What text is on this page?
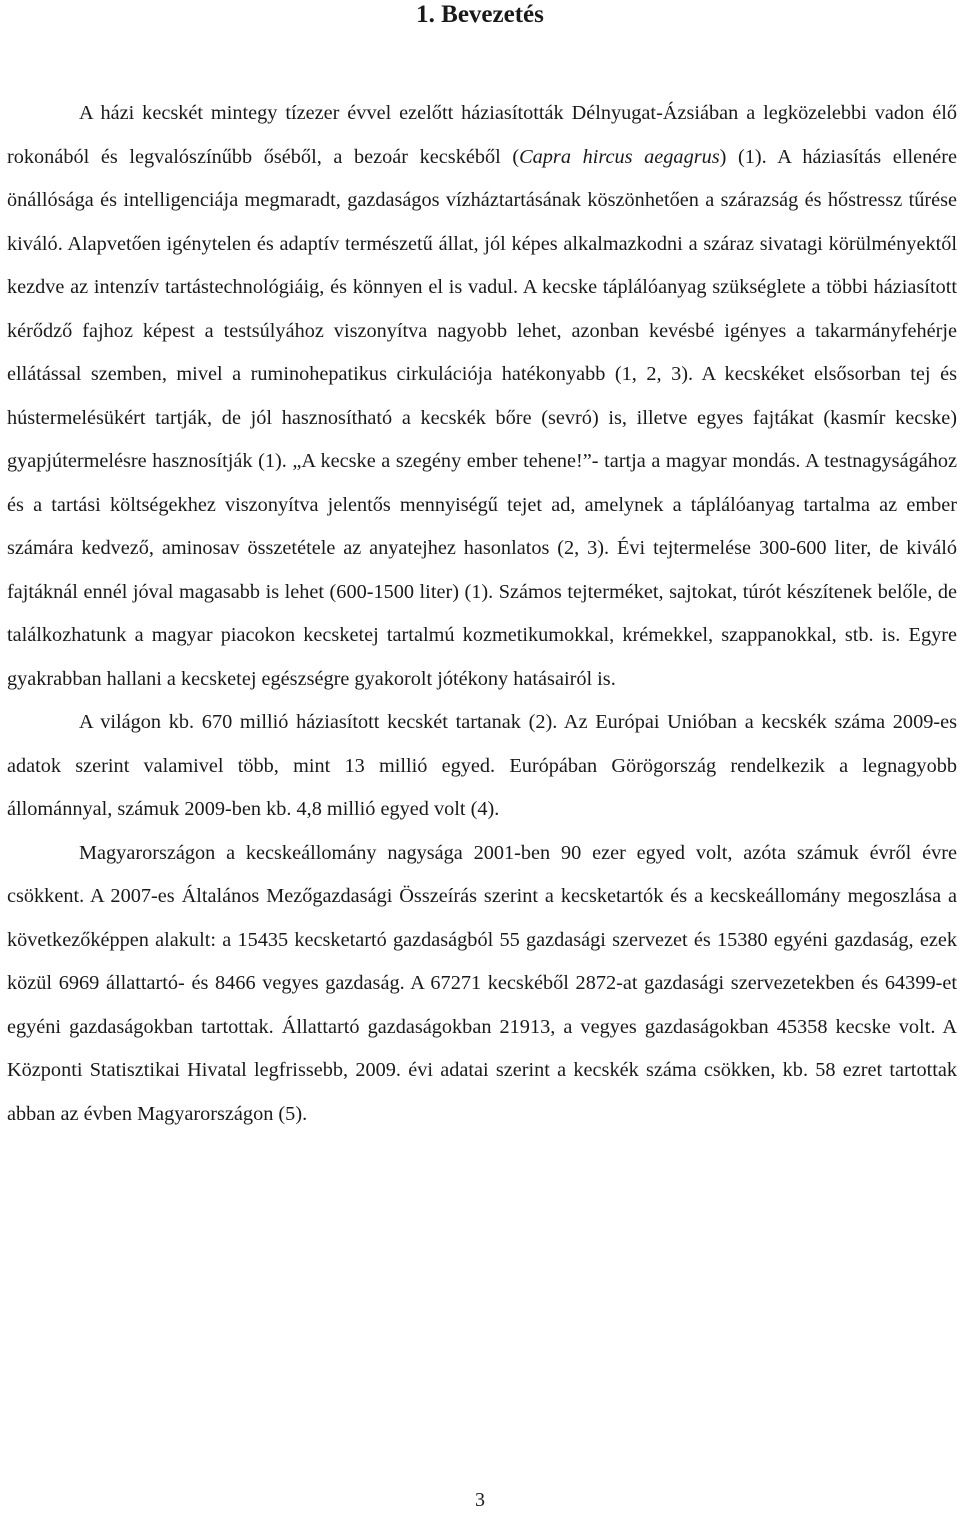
1. Bevezetés

A házi kecskét mintegy tízezer évvel ezelőtt háziasították Délnyugat-Ázsiában a legközelebbi vadon élő rokonából és legvalószínűbb őséből, a bezoár kecskéből (Capra hircus aegagrus) (1). A háziasítás ellenére önállósága és intelligenciája megmaradt, gazdaságos vízháztartásának köszönhetően a szárazság és hőstressz tűrése kiváló. Alapvetően igénytelen és adaptív természetű állat, jól képes alkalmazkodni a száraz sivatagi körülményektől kezdve az intenzív tartástechnológiáig, és könnyen el is vadul. A kecske táplálóanyag szükséglete a többi háziasított kérődző fajhoz képest a testsúlyához viszonyítva nagyobb lehet, azonban kevésbé igényes a takarmányfehérje ellátással szemben, mivel a ruminohepatikus cirkulációja hatékonyabb (1, 2, 3). A kecskéket elsősorban tej és hústermelésükért tartják, de jól hasznosítható a kecskék bőre (sevró) is, illetve egyes fajtákat (kasmír kecske) gyapjútermelésre hasznosítják (1). „A kecske a szegény ember tehene!”- tartja a magyar mondás. A testnagyságához és a tartási költségekhez viszonyítva jelentős mennyiségű tejet ad, amelynek a táplálóanyag tartalma az ember számára kedvező, aminosav összetétele az anyatejhez hasonlatos (2, 3). Évi tejtermelése 300-600 liter, de kiváló fajtáknál ennél jóval magasabb is lehet (600-1500 liter) (1). Számos tejterméket, sajtokat, túrót készítenek belőle, de találkozhatunk a magyar piacokon kecsketej tartalmú kozmetikumokkal, krémekkel, szappanokkal, stb. is. Egyre gyakrabban hallani a kecsketej egészségre gyakorolt jótékony hatásairól is.

A világon kb. 670 millió háziasított kecskét tartanak (2). Az Európai Unióban a kecskék száma 2009-es adatok szerint valamivel több, mint 13 millió egyed. Európában Görögország rendelkezik a legnagyobb állománnyal, számuk 2009-ben kb. 4,8 millió egyed volt (4).

Magyarországon a kecskeállomány nagysága 2001-ben 90 ezer egyed volt, azóta számuk évről évre csökkent. A 2007-es Általános Mezőgazdasági Összeírás szerint a kecsketartók és a kecskeállomány megoszlása a következőképpen alakult: a 15435 kecsketartó gazdaságból 55 gazdasági szervezet és 15380 egyéni gazdaság, ezek közül 6969 állattartó- és 8466 vegyes gazdaság. A 67271 kecskéből 2872-at gazdasági szervezetekben és 64399-et egyéni gazdaságokban tartottak. Állattartó gazdaságokban 21913, a vegyes gazdaságokban 45358 kecske volt. A Központi Statisztikai Hivatal legfrissebb, 2009. évi adatai szerint a kecskék száma csökken, kb. 58 ezret tartottak abban az évben Magyarországon (5).

3
